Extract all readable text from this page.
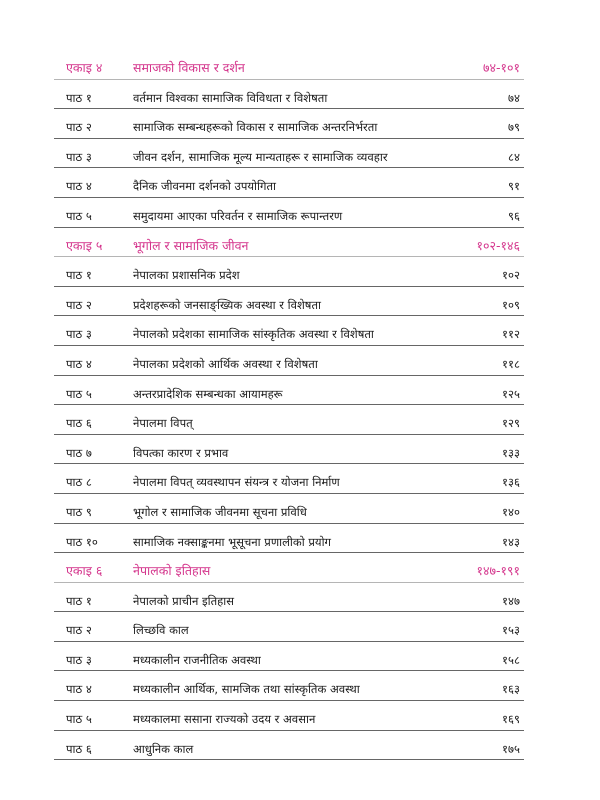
एकाइ ४ समाजको विकास र दर्शन	७४-१०१
पाठ १	वर्तमान विश्वका सामाजिक विविधता र विशेषता	७४
पाठ २	सामाजिक सम्बन्धहरूको विकास र सामाजिक अन्तरनिर्भरता	७९
पाठ ३	जीवन दर्शन, सामाजिक मूल्य मान्यताहरू र सामाजिक व्यवहार	८४
पाठ ४	दैनिक जीवनमा दर्शनको उपयोगिता	९१
पाठ ५	समुदायमा आएका परिवर्तन र सामाजिक रूपान्तरण	९६
एकाइ ५ भूगोल र सामाजिक जीवन	१०२-१४६
पाठ १	नेपालका प्रशासनिक प्रदेश	१०२
पाठ २	प्रदेशहरूको जनसाङ्ख्यिक अवस्था र विशेषता	१०९
पाठ ३	नेपालको प्रदेशका सामाजिक सांस्कृतिक अवस्था र विशेषता	११२
पाठ ४	नेपालका प्रदेशको आर्थिक अवस्था र विशेषता	११८
पाठ ५	अन्तरप्रादेशिक सम्बन्धका आयामहरू	१२५
पाठ ६	नेपालमा विपत्	१२९
पाठ ७	विपत्का कारण र प्रभाव	१३३
पाठ ८	नेपालमा विपत् व्यवस्थापन संयन्त्र र योजना निर्माण	१३६
पाठ ९	भूगोल र सामाजिक जीवनमा सूचना प्रविधि	१४०
पाठ १०	सामाजिक नक्साङ्कनमा भूसूचना प्रणालीको प्रयोग	१४३
एकाइ ६ नेपालको इतिहास	१४७-१९१
पाठ १	नेपालको प्राचीन इतिहास	१४७
पाठ २	लिच्छवि काल	१५३
पाठ ३	मध्यकालीन राजनीतिक अवस्था	१५८
पाठ ४	मध्यकालीन आर्थिक, सामजिक तथा सांस्कृतिक अवस्था	१६३
पाठ ५	मध्यकालमा ससाना राज्यको उदय र अवसान	१६९
पाठ ६	आधुनिक काल	१७५
